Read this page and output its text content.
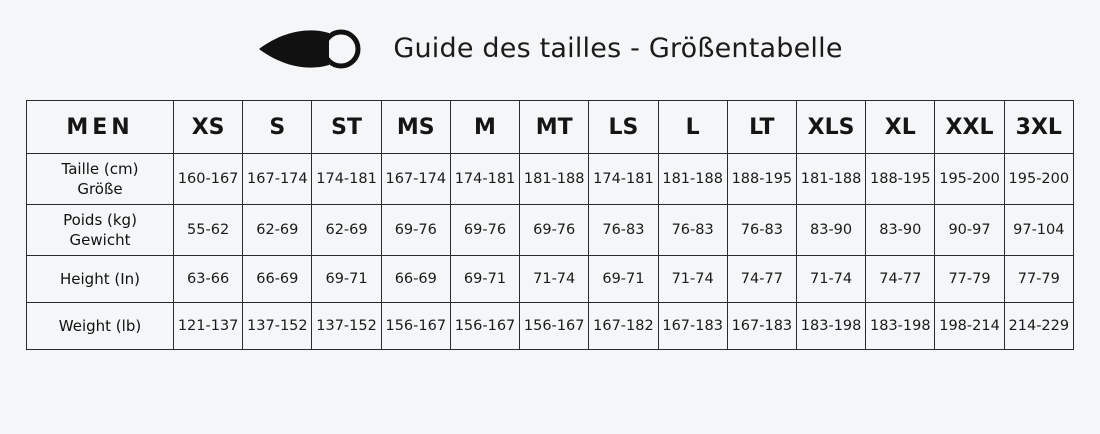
Guide des tailles - Größentabelle
MEN	XS	S	ST	MS	M	MT	LS	L	LT	XLS	XL	XXL	3XL

Taille (cm)
Größe	160-167	167-174	174-181	167-174	174-181	181-188	174-181	181-188	188-195	181-188	188-195	195-200	195-200

Poids (kg)
Gewicht	55-62	62-69	62-69	69-76	69-76	69-76	76-83	76-83	76-83	83-90	83-90	90-97	97-104

Height (In)	63-66	66-69	69-71	66-69	69-71	71-74	69-71	71-74	74-77	71-74	74-77	77-79	77-79

Weight (lb)	121-137	137-152	137-152	156-167	156-167	156-167	167-182	167-183	167-183	183-198	183-198	198-214	214-229
